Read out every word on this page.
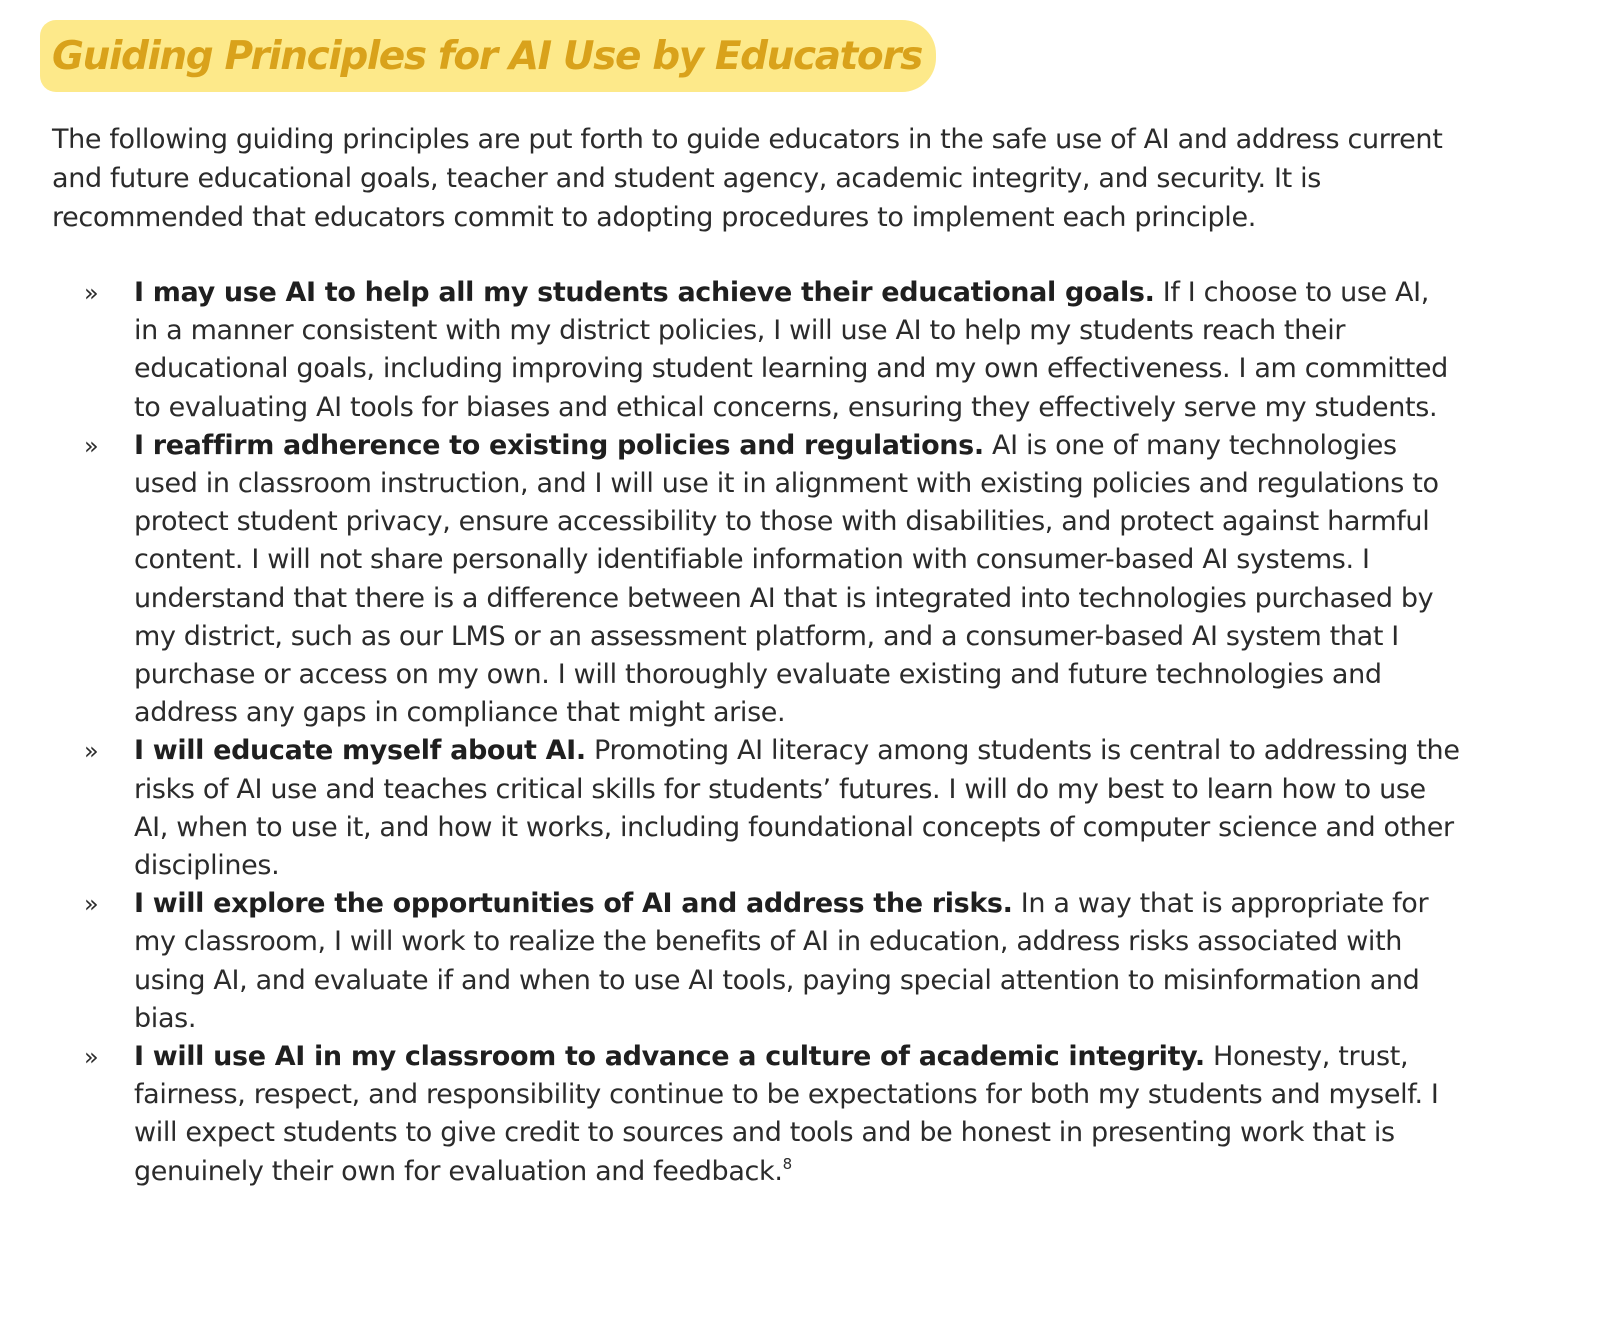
Guiding Principles for AI Use by Educators

The following guiding principles are put forth to guide educators in the safe use of AI and address current and future educational goals, teacher and student agency, academic integrity, and security. It is recommended that educators commit to adopting procedures to implement each principle.

» I may use AI to help all my students achieve their educational goals. If I choose to use AI, in a manner consistent with my district policies, I will use AI to help my students reach their educational goals, including improving student learning and my own effectiveness. I am committed to evaluating AI tools for biases and ethical concerns, ensuring they effectively serve my students.
» I reaffirm adherence to existing policies and regulations. AI is one of many technologies used in classroom instruction, and I will use it in alignment with existing policies and regulations to protect student privacy, ensure accessibility to those with disabilities, and protect against harmful content. I will not share personally identifiable information with consumer-based AI systems. I understand that there is a difference between AI that is integrated into technologies purchased by my district, such as our LMS or an assessment platform, and a consumer-based AI system that I purchase or access on my own. I will thoroughly evaluate existing and future technologies and address any gaps in compliance that might arise.
» I will educate myself about AI. Promoting AI literacy among students is central to addressing the risks of AI use and teaches critical skills for students’ futures. I will do my best to learn how to use AI, when to use it, and how it works, including foundational concepts of computer science and other disciplines.
» I will explore the opportunities of AI and address the risks. In a way that is appropriate for my classroom, I will work to realize the benefits of AI in education, address risks associated with using AI, and evaluate if and when to use AI tools, paying special attention to misinformation and bias.
» I will use AI in my classroom to advance a culture of academic integrity. Honesty, trust, fairness, respect, and responsibility continue to be expectations for both my students and myself. I will expect students to give credit to sources and tools and be honest in presenting work that is genuinely their own for evaluation and feedback.$^8$
